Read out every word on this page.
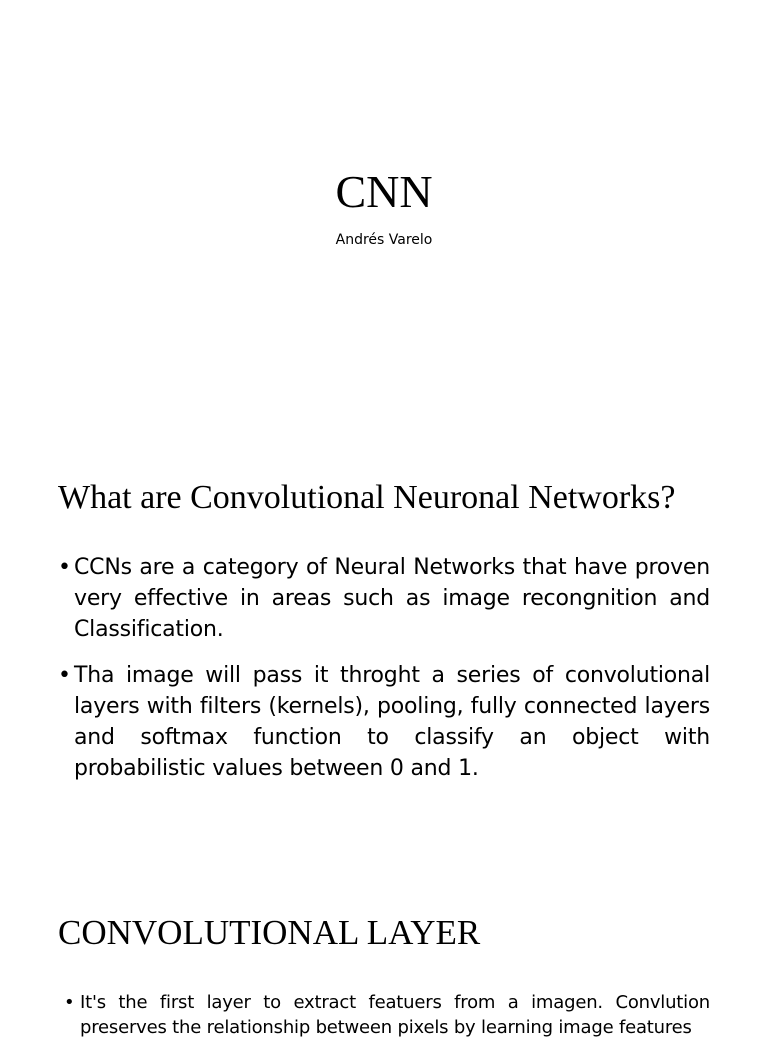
CNN
Andrés Varelo
What are Convolutional Neuronal Networks?
• CCNs are a category of Neural Networks that have proven very effective in areas such as image recongnition and Classification.
• Tha image will pass it throght a series of convolutional layers with filters (kernels), pooling, fully connected layers and softmax function to classify an object with probabilistic values between 0 and 1.
CONVOLUTIONAL LAYER
• It's the first layer to extract featuers from a imagen. Convlution preserves the relationship between pixels by learning image features
